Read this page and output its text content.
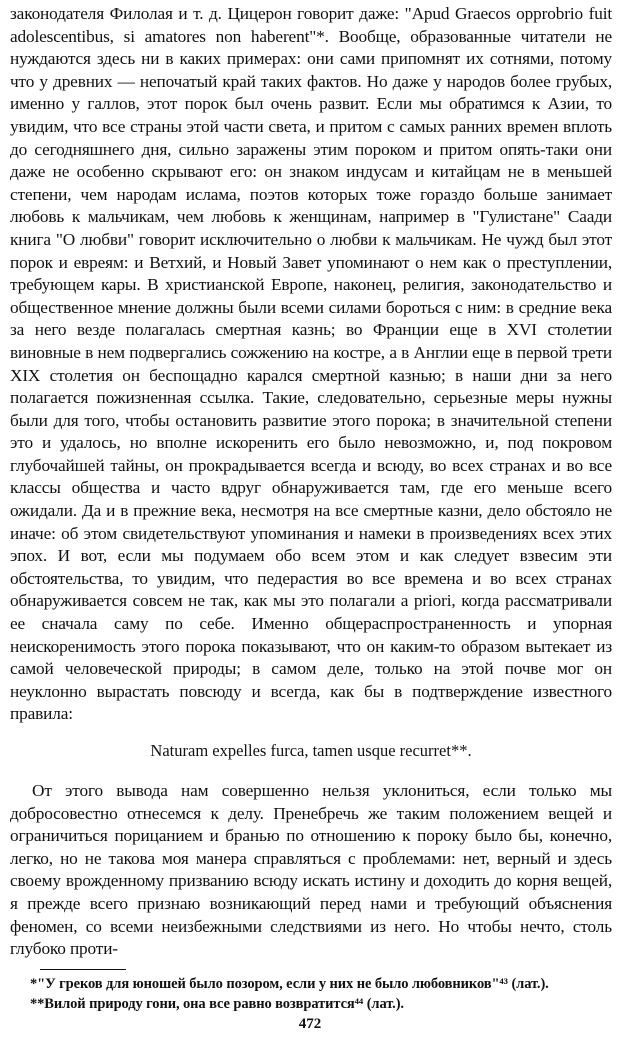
законодателя Филолая и т. д. Цицерон говорит даже: "Apud Graecos opprobrio fuit adolescentibus, si amatores non haberent"*. Вообще, образованные читатели не нуждаются здесь ни в каких примерах: они сами припомнят их сотнями, потому что у древних — непочатый край таких фактов. Но даже у народов более грубых, именно у галлов, этот порок был очень развит. Если мы обратимся к Азии, то увидим, что все страны этой части света, и притом с самых ранних времен вплоть до сегодняшнего дня, сильно заражены этим пороком и притом опять-таки они даже не особенно скрывают его: он знаком индусам и китайцам не в меньшей степени, чем народам ислама, поэтов которых тоже гораздо больше занимает любовь к мальчикам, чем любовь к женщинам, например в "Гулистане" Саади книга "О любви" говорит исключительно о любви к мальчикам. Не чужд был этот порок и евреям: и Ветхий, и Новый Завет упоминают о нем как о преступлении, требующем кары. В христианской Европе, наконец, религия, законодательство и общественное мнение должны были всеми силами бороться с ним: в средние века за него везде полагалась смертная казнь; во Франции еще в XVI столетии виновные в нем подвергались сожжению на костре, а в Англии еще в первой трети XIX столетия он беспощадно карался смертной казнью; в наши дни за него полагается пожизненная ссылка. Такие, следовательно, серьезные меры нужны были для того, чтобы остановить развитие этого порока; в значительной степени это и удалось, но вполне искоренить его было невозможно, и, под покровом глубочайшей тайны, он прокрадывается всегда и всюду, во всех странах и во все классы общества и часто вдруг обнаруживается там, где его меньше всего ожидали. Да и в прежние века, несмотря на все смертные казни, дело обстояло не иначе: об этом свидетельствуют упоминания и намеки в произведениях всех этих эпох. И вот, если мы подумаем обо всем этом и как следует взвесим эти обстоятельства, то увидим, что педерастия во все времена и во всех странах обнаруживается совсем не так, как мы это полагали a priori, когда рассматривали ее сначала саму по себе. Именно общераспространенность и упорная неискоренимость этого порока показывают, что он каким-то образом вытекает из самой человеческой природы; в самом деле, только на этой почве мог он неуклонно вырастать повсюду и всегда, как бы в подтверждение известного правила:

Naturam expelles furca, tamen usque recurret**.

От этого вывода нам совершенно нельзя уклониться, если только мы добросовестно отнесемся к делу. Пренебречь же таким положением вещей и ограничиться порицанием и бранью по отношению к пороку было бы, конечно, легко, но не такова моя манера справляться с проблемами: нет, верный и здесь своему врожденному призванию всюду искать истину и доходить до корня вещей, я прежде всего признаю возникающий перед нами и требующий объяснения феномен, со всеми неизбежными следствиями из него. Но чтобы нечто, столь глубоко проти-

*"У греков для юношей было позором, если у них не было любовников"⁴³ (лат.).

**Вилой природу гони, она все равно возвратится⁴⁴ (лат.).

472
